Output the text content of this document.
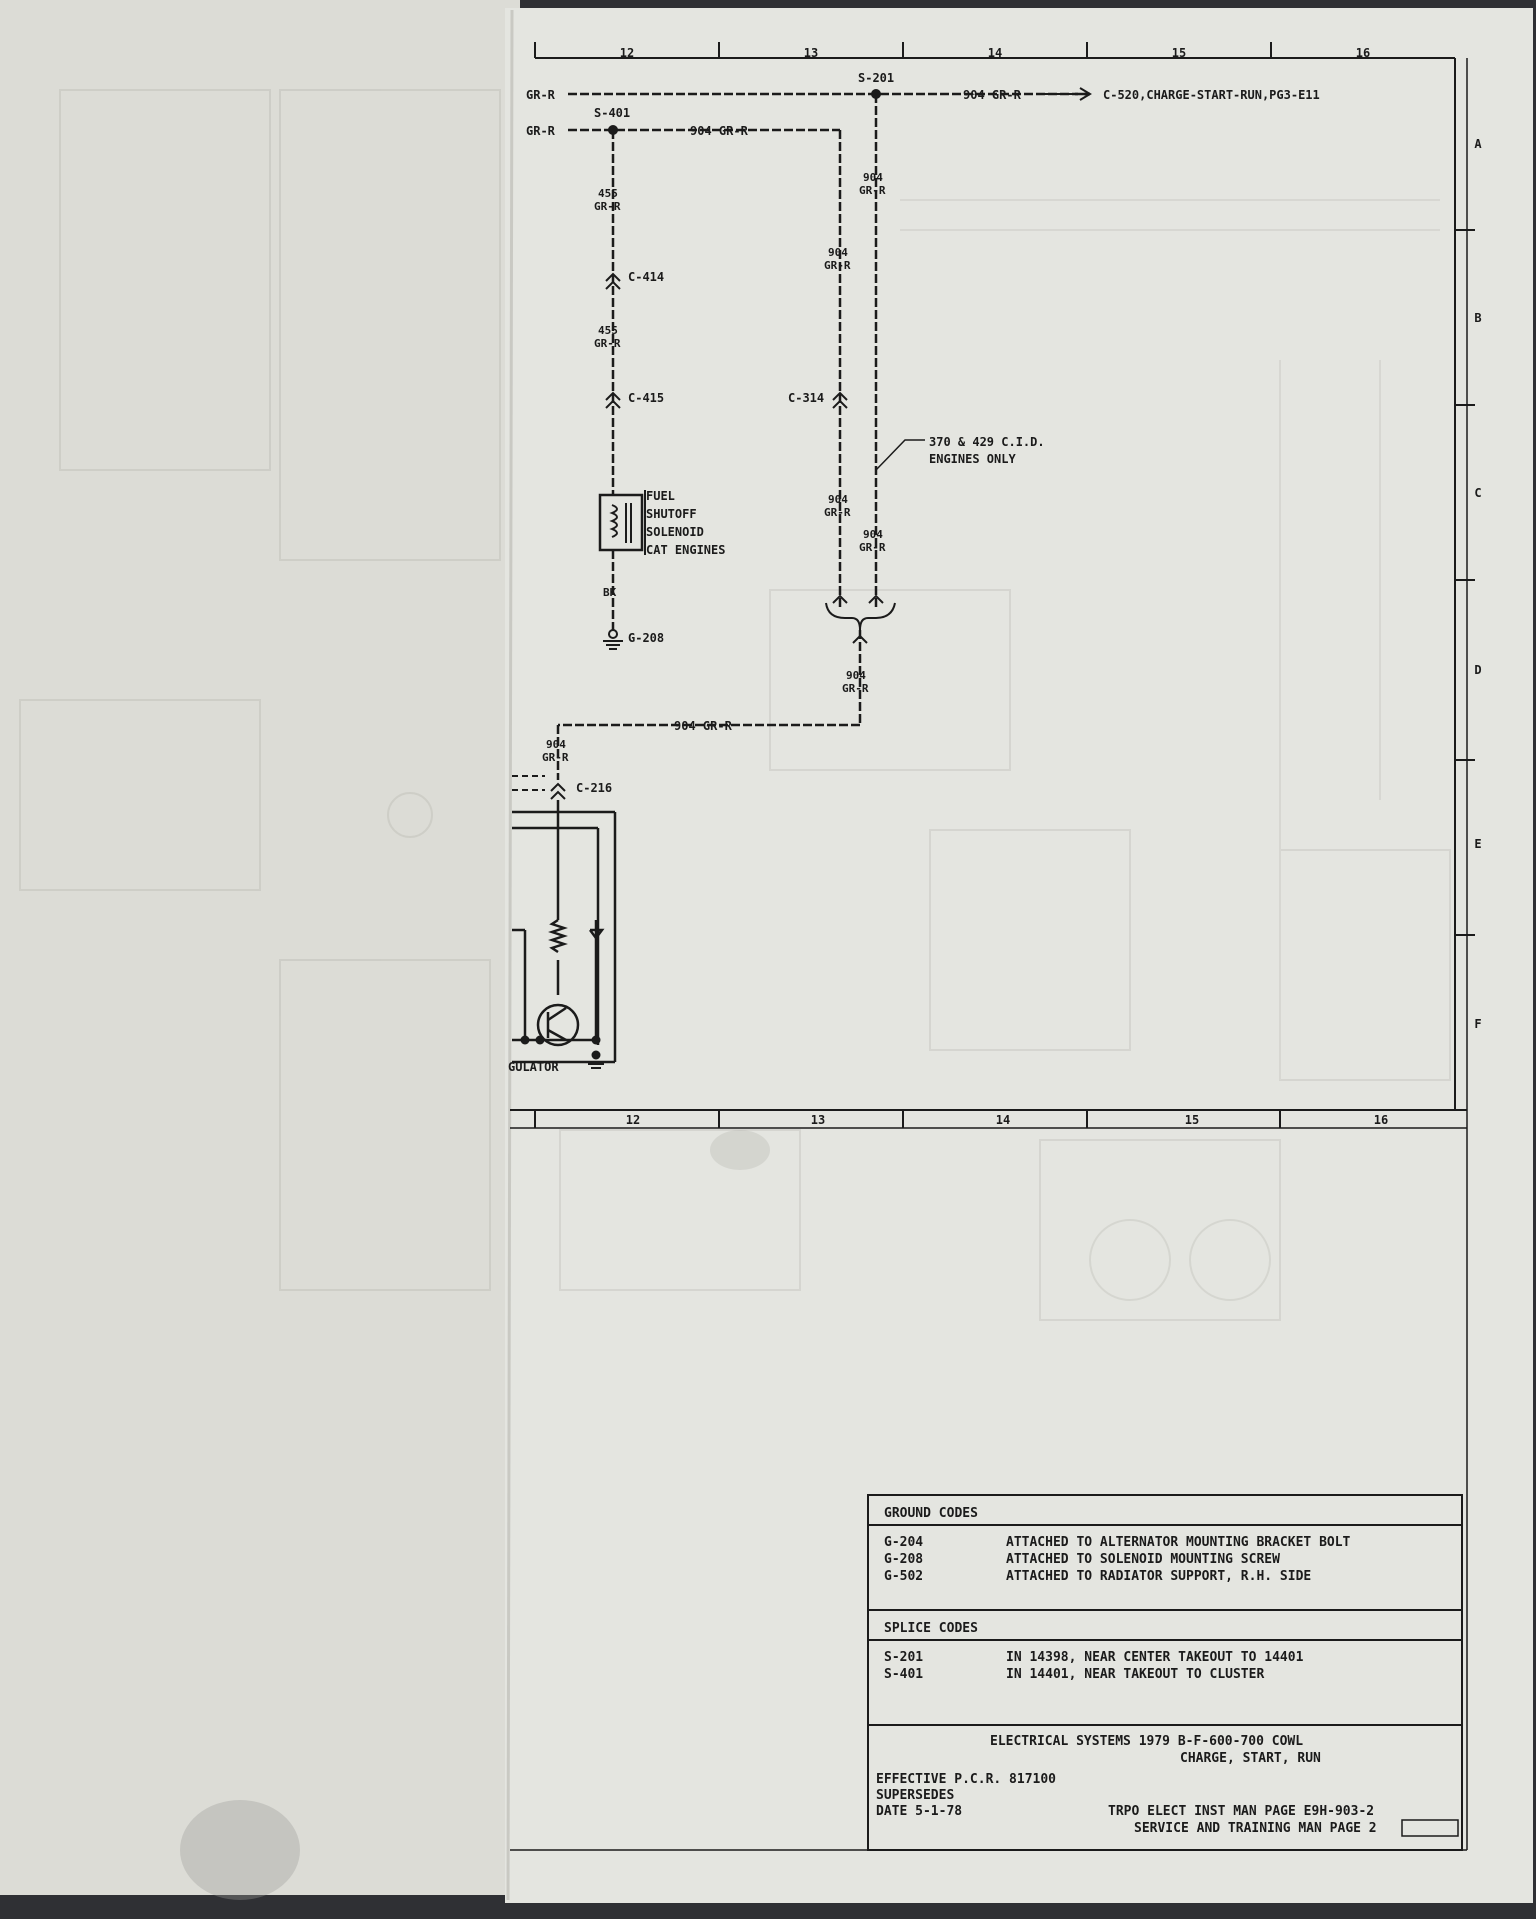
12	13	14	15	16
12	13	14	15	16
A
B
C
D
E
F
S-201
S-401
GR-R
GR-R
904 GR-R
904 GR-R
C-520,CHARGE-START-RUN,PG3-E11
455
GR-R
455
GR-R
904
GR-R
904
GR-R
904
GR-R
904
GR-R
904
GR-R
904 GR-R
904
GR-R
BK
C-414
C-415	C-314
C-216
G-208
FUEL
SHUTOFF
SOLENOID
CAT ENGINES
370 & 429 C.I.D.
ENGINES ONLY
GULATOR
GROUND CODES
G-204	ATTACHED TO ALTERNATOR MOUNTING BRACKET BOLT
G-208	ATTACHED TO SOLENOID MOUNTING SCREW
G-502	ATTACHED TO RADIATOR SUPPORT, R.H. SIDE
SPLICE CODES
S-201	IN 14398, NEAR CENTER TAKEOUT TO 14401
S-401	IN 14401, NEAR TAKEOUT TO CLUSTER
ELECTRICAL SYSTEMS 1979 B-F-600-700 COWL
CHARGE, START, RUN
EFFECTIVE P.C.R. 817100
SUPERSEDES
DATE 5-1-78	TRPO ELECT INST MAN PAGE E9H-903-2
SERVICE AND TRAINING MAN PAGE 2
